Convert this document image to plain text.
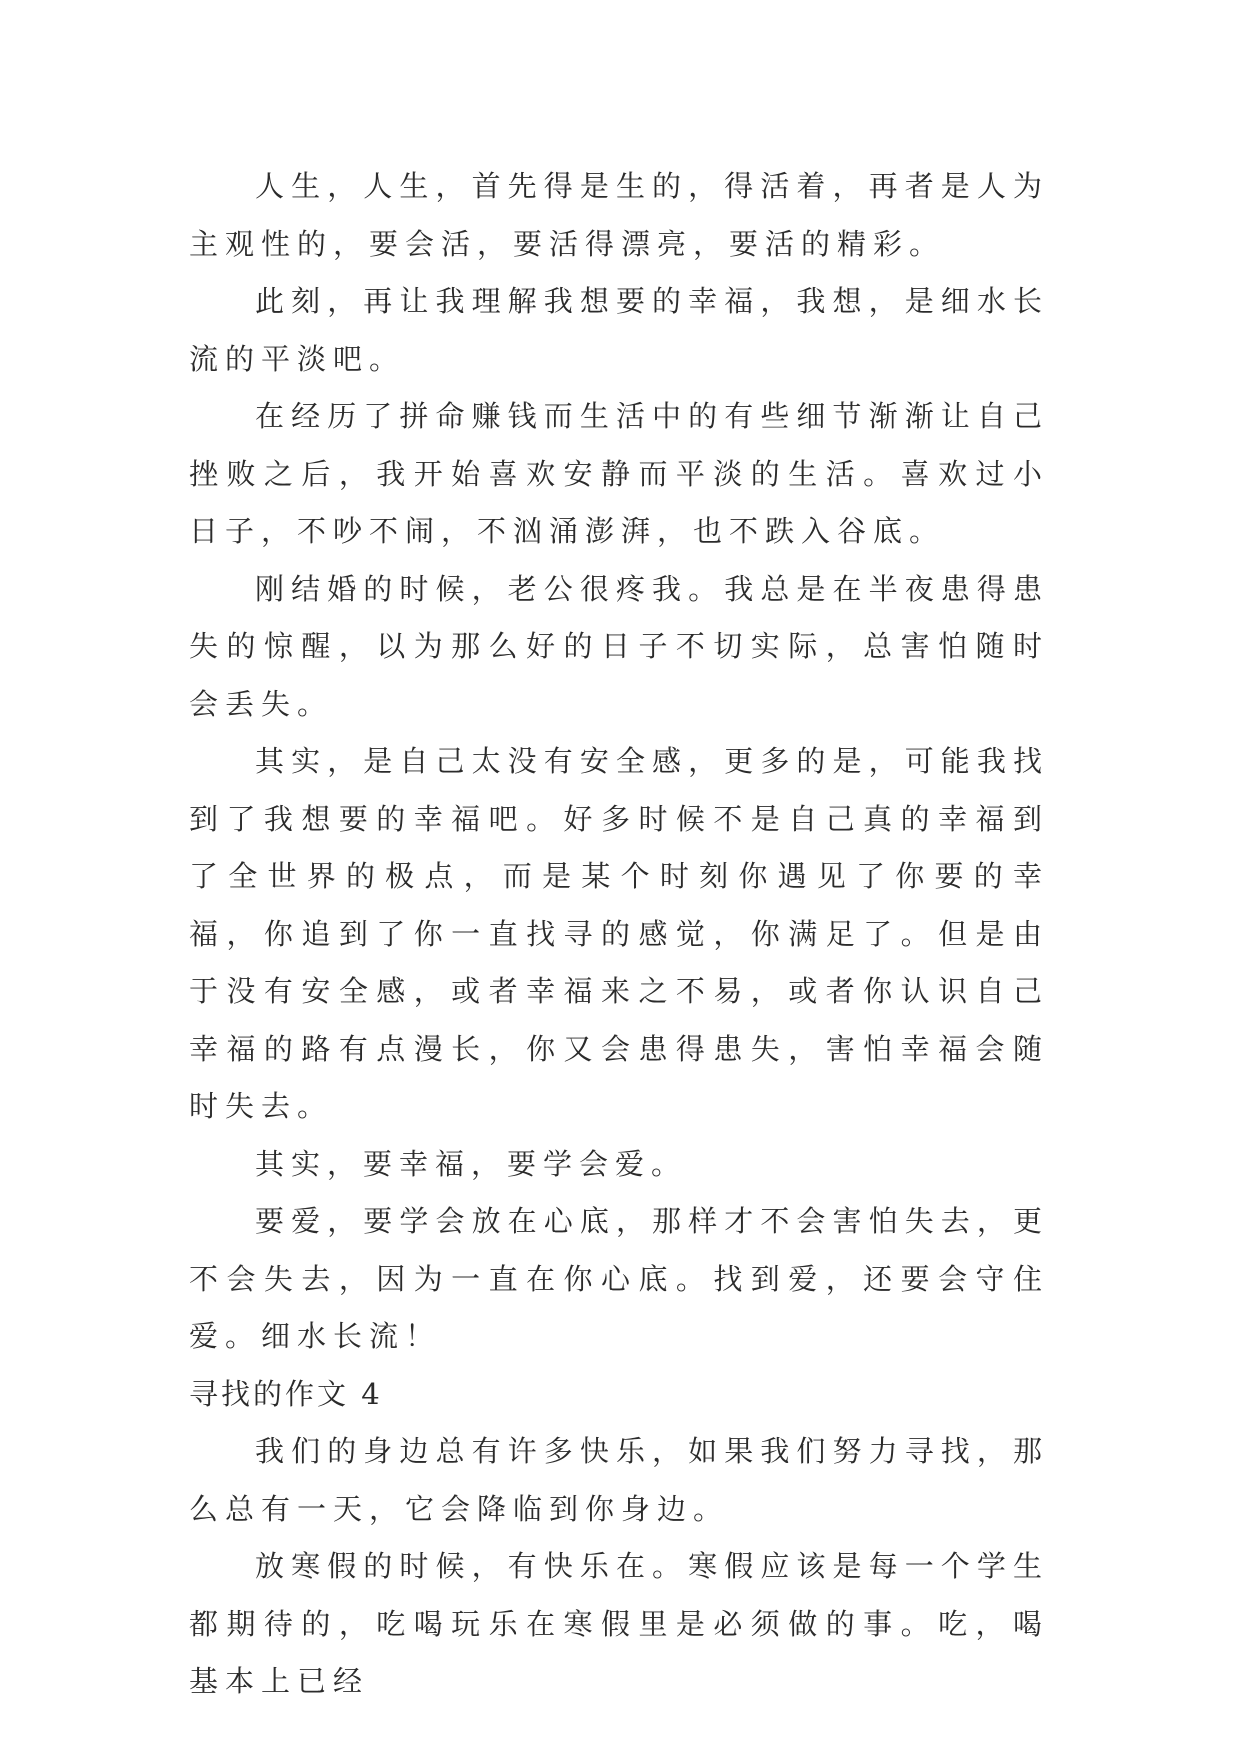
人生，人生，首先得是生的，得活着，再者是人为主观性的，要会活，要活得漂亮，要活的精彩。

此刻，再让我理解我想要的幸福，我想，是细水长流的平淡吧。

在经历了拼命赚钱而生活中的有些细节渐渐让自己挫败之后，我开始喜欢安静而平淡的生活。喜欢过小日子，不吵不闹，不汹涌澎湃，也不跌入谷底。

刚结婚的时候，老公很疼我。我总是在半夜患得患失的惊醒，以为那么好的日子不切实际，总害怕随时会丢失。

其实，是自己太没有安全感，更多的是，可能我找到了我想要的幸福吧。好多时候不是自己真的幸福到了全世界的极点，而是某个时刻你遇见了你要的幸福，你追到了你一直找寻的感觉，你满足了。但是由于没有安全感，或者幸福来之不易，或者你认识自己幸福的路有点漫长，你又会患得患失，害怕幸福会随时失去。

其实，要幸福，要学会爱。

要爱，要学会放在心底，那样才不会害怕失去，更不会失去，因为一直在你心底。找到爱，还要会守住爱。细水长流！

寻找的作文 4

我们的身边总有许多快乐，如果我们努力寻找，那么总有一天，它会降临到你身边。

放寒假的时候，有快乐在。寒假应该是每一个学生都期待的，吃喝玩乐在寒假里是必须做的事。吃，喝基本上已经
